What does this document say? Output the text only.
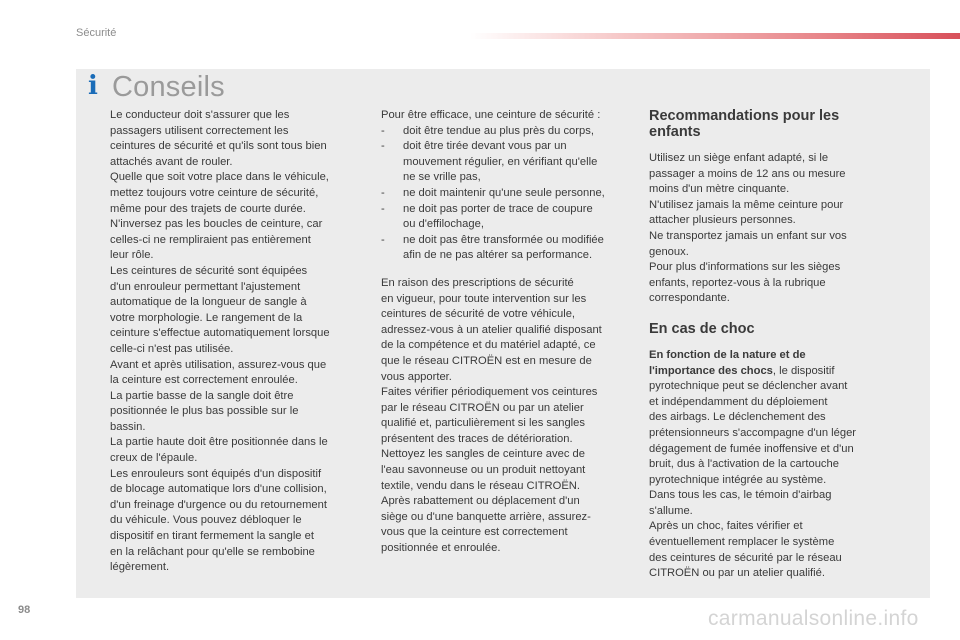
Sécurité
i Conseils

Le conducteur doit s'assurer que les
passagers utilisent correctement les
ceintures de sécurité et qu'ils sont tous bien
attachés avant de rouler.

Quelle que soit votre place dans le véhicule,
mettez toujours votre ceinture de sécurité,
même pour des trajets de courte durée.

N'inversez pas les boucles de ceinture, car
celles-ci ne rempliraient pas entièrement
leur rôle.

Les ceintures de sécurité sont équipées
d'un enrouleur permettant l'ajustement
automatique de la longueur de sangle à
votre morphologie. Le rangement de la
ceinture s'effectue automatiquement lorsque
celle-ci n'est pas utilisée.

Avant et après utilisation, assurez-vous que
la ceinture est correctement enroulée.

La partie basse de la sangle doit être
positionnée le plus bas possible sur le
bassin.

La partie haute doit être positionnée dans le
creux de l'épaule.

Les enrouleurs sont équipés d'un dispositif
de blocage automatique lors d'une collision,
d'un freinage d'urgence ou du retournement
du véhicule. Vous pouvez débloquer le
dispositif en tirant fermement la sangle et
en la relâchant pour qu'elle se rembobine
légèrement.

Pour être efficace, une ceinture de sécurité :

- doit être tendue au plus près du corps,
- doit être tirée devant vous par un
mouvement régulier, en vérifiant qu'elle
ne se vrille pas,
- ne doit maintenir qu'une seule personne,
- ne doit pas porter de trace de coupure
ou d'effilochage,
- ne doit pas être transformée ou modifiée
afin de ne pas altérer sa performance.

En raison des prescriptions de sécurité
en vigueur, pour toute intervention sur les
ceintures de sécurité de votre véhicule,
adressez-vous à un atelier qualifié disposant
de la compétence et du matériel adapté, ce
que le réseau CITROËN est en mesure de
vous apporter.

Faites vérifier périodiquement vos ceintures
par le réseau CITROËN ou par un atelier
qualifié et, particulièrement si les sangles
présentent des traces de détérioration.

Nettoyez les sangles de ceinture avec de
l'eau savonneuse ou un produit nettoyant
textile, vendu dans le réseau CITROËN.

Après rabattement ou déplacement d'un
siège ou d'une banquette arrière, assurez-
vous que la ceinture est correctement
positionnée et enroulée.

Recommandations pour les
enfants

Utilisez un siège enfant adapté, si le
passager a moins de 12 ans ou mesure
moins d'un mètre cinquante.

N'utilisez jamais la même ceinture pour
attacher plusieurs personnes.

Ne transportez jamais un enfant sur vos
genoux.

Pour plus d'informations sur les sièges
enfants, reportez-vous à la rubrique
correspondante.

En cas de choc

En fonction de la nature et de
l'importance des chocs, le dispositif
pyrotechnique peut se déclencher avant
et indépendamment du déploiement
des airbags. Le déclenchement des
prétensionneurs s'accompagne d'un léger
dégagement de fumée inoffensive et d'un
bruit, dus à l'activation de la cartouche
pyrotechnique intégrée au système.

Dans tous les cas, le témoin d'airbag
s'allume.

Après un choc, faites vérifier et
éventuellement remplacer le système
des ceintures de sécurité par le réseau
CITROËN ou par un atelier qualifié.

98	carmanualsonline.info
